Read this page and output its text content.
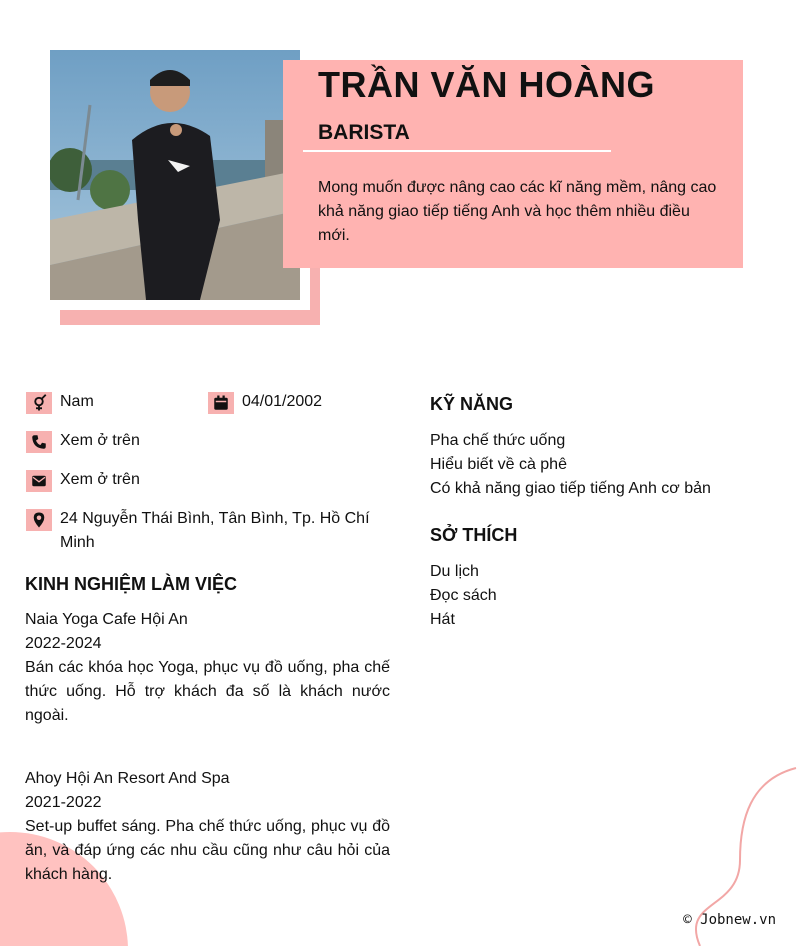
TRẦN VĂN HOÀNG
BARISTA
Mong muốn được nâng cao các kĩ năng mềm, nâng cao khả năng giao tiếp tiếng Anh và học thêm nhiều điều mới.
Nam	04/01/2002
Xem ở trên
Xem ở trên
24 Nguyễn Thái Bình, Tân Bình, Tp. Hồ Chí Minh
KINH NGHIỆM LÀM VIỆC
Naia Yoga Cafe Hội An
2022-2024
Bán các khóa học Yoga, phục vụ đồ uống, pha chế thức uống. Hỗ trợ khách đa số là khách nước ngoài.
Ahoy Hội An Resort And Spa
2021-2022
Set-up buffet sáng. Pha chế thức uống, phục vụ đồ ăn, và đáp ứng các nhu cầu cũng như câu hỏi của khách hàng.
KỸ NĂNG
Pha chế thức uống
Hiểu biết về cà phê
Có khả năng giao tiếp tiếng Anh cơ bản
SỞ THÍCH
Du lịch
Đọc sách
Hát
© Jobnew.vn
